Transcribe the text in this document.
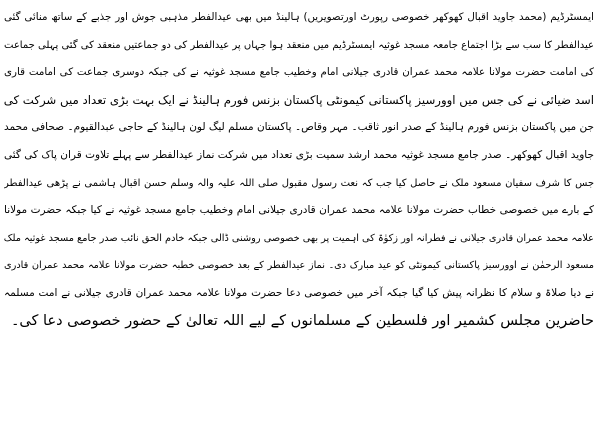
ایمسٹرڈیم (محمد جاوید اقبال کھوکھر خصوصی رپورٹ اورتصویریں) ہالینڈ میں بھی عیدالفطر مذہبی جوش اور جذبے کے ساتھ منائی گئی
عیدالفطر کا سب سے بڑا اجتماع جامعہ مسجد غوثیہ ایمسٹرڈیم میں منعقد ہوا جہاں پر عیدالفطر کی دو جماعتیں منعقد کی گئی پہلی جماعت
کی امامت حضرت مولانا علامہ محمد عمران قادری جیلانی امام وخطیب جامع مسجد غوثیہ نے کی جبکہ دوسری جماعت کی امامت قاری
اسد ضیائی نے کی جس میں اوورسیز پاکستانی کیمونٹی پاکستان بزنس فورم ہالینڈ نے ایک بہت بڑی تعداد میں شرکت کی
جن میں پاکستان بزنس فورم ہالینڈ کے صدر انور ثاقب۔ مہر وقاص۔ پاکستان مسلم لیگ لون ہالینڈ کے حاجی عبدالقیوم۔ صحافی محمد
جاوید اقبال کھوکھر۔ صدر جامع مسجد غوثیہ محمد ارشد سمیت بڑی تعداد میں شرکت نماز عیدالفطر سے پہلے تلاوت قران پاک کی گئی
جس کا شرف سفیان مسعود ملک نے حاصل کیا جب کہ نعت رسول مقبول صلی اللہ علیہ والہ وسلم حسن اقبال ہاشمی نے پڑھی عیدالفطر
کے بارے میں خصوصی خطاب حضرت مولانا علامہ محمد عمران قادری جیلانی امام وخطیب جامع مسجد غوثیہ نے کیا جبکہ حضرت مولانا
علامہ محمد عمران قادری جیلانی نے فطرانہ اور زکوٰۃ کی اہمیت پر بھی خصوصی روشنی ڈالی جبکہ خادم الحق نائب صدر جامع مسجد غوثیہ ملک
مسعود الرحمٰن نے اوورسیز پاکستانی کیمونٹی کو عید مبارک دی۔ نماز عیدالفطر کے بعد خصوصی خطبہ حضرت مولانا علامہ محمد عمران قادری
نے دیا صلاۃ و سلام کا نظرانہ پیش کیا گیا جبکہ آخر میں خصوصی دعا حضرت مولانا علامہ محمد عمران قادری جیلانی نے امت مسلمہ
حاضرین مجلس کشمیر اور فلسطین کے مسلمانوں کے لیے اللہ تعالیٰ کے حضور خصوصی دعا کی۔
